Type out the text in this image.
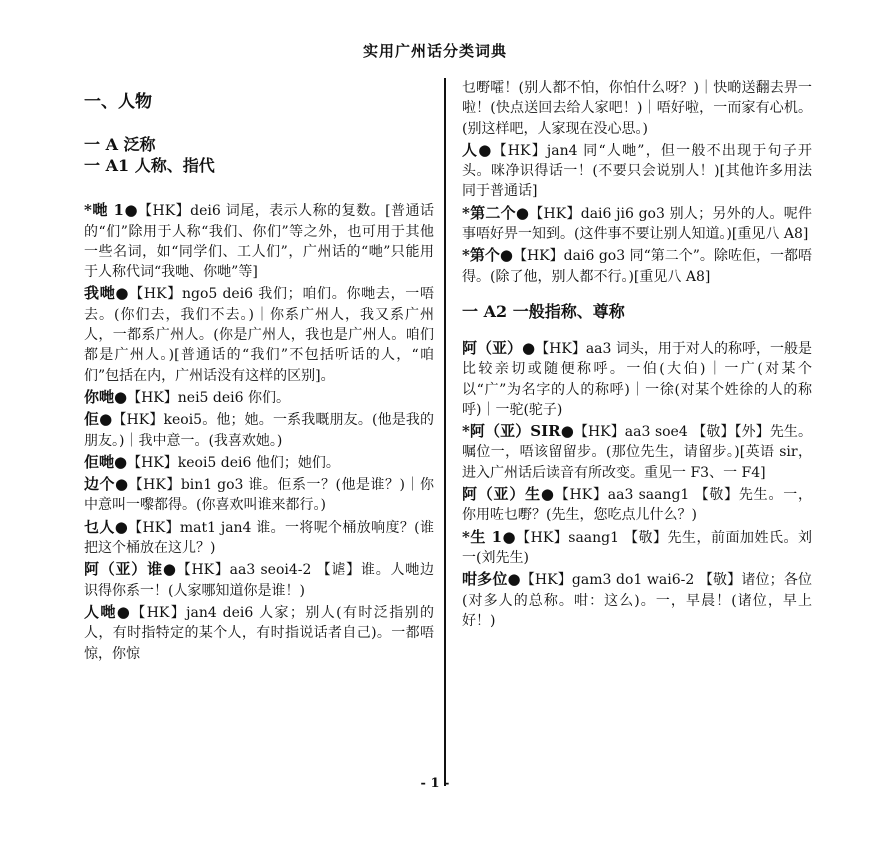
实用广州话分类词典
一、人物
一 A 泛称
一 A1 人称、指代

*哋 1●【HK】dei6 词尾，表示人称的复数。[普通话的“们”除用于人称“我们、你们”等之外，也可用于其他一些名词，如“同学们、工人们”，广州话的“哋”只能用于人称代词“我哋、你哋”等]

我哋●【HK】ngo5 dei6 我们；咱们。你哋去，一唔去。(你们去，我们不去。)｜你系广州人，我又系广州人，一都系广州人。(你是广州人，我也是广州人。咱们都是广州人。)[普通话的“我们”不包括听话的人，“咱们”包括在内，广州话没有这样的区别]。

你哋●【HK】nei5 dei6 你们。

佢●【HK】keoi5。他；她。一系我嘅朋友。(他是我的朋友。)｜我中意一。(我喜欢她。)

佢哋●【HK】keoi5 dei6 他们；她们。

边个●【HK】bin1 go3 谁。佢系一？(他是谁？)｜你中意叫一嚟都得。(你喜欢叫谁来都行。)

乜人●【HK】mat1 jan4 谁。一将呢个桶放响度？(谁把这个桶放在这儿？)

阿（亚）谁●【HK】aa3 seoi4-2 【谑】谁。人哋边识得你系一！(人家哪知道你是谁！)

人哋●【HK】jan4 dei6 人家；别人(有时泛指别的人，有时指特定的某个人，有时指说话者自己)。一都唔惊，你惊

乜嘢嚯！(别人都不怕，你怕什么呀？)｜快啲送翻去畀一啦！(快点送回去给人家吧！)｜唔好啦，一而家有心机。(别这样吧，人家现在没心思。)

人●【HK】jan4 同“人哋”，但一般不出现于句子开头。咪净识得话一！(不要只会说别人！)[其他许多用法同于普通话]

*第二个●【HK】dai6 ji6 go3 别人；另外的人。呢件事唔好畀一知到。(这件事不要让别人知道。)[重见八 A8]

*第个●【HK】dai6 go3 同“第二个”。除咗佢，一都唔得。(除了他，别人都不行。)[重见八 A8]

一 A2 一般指称、尊称

阿（亚）●【HK】aa3 词头，用于对人的称呼，一般是比较亲切或随便称呼。一伯(大伯)｜一广(对某个以“广”为名字的人的称呼)｜一徐(对某个姓徐的人的称呼)｜一驼(驼子)

*阿（亚）SIR●【HK】aa3 soe4 【敬】【外】先生。嘱位一，唔该留留步。(那位先生，请留步。)[英语 sir，进入广州话后读音有所改变。重见一 F3、一 F4]

阿（亚）生●【HK】aa3 saang1 【敬】先生。一，你用咗乜嘢？(先生，您吃点儿什么？)

*生 1●【HK】saang1 【敬】先生，前面加姓氏。刘一(刘先生)

咁多位●【HK】gam3 do1 wai6-2 【敬】诸位；各位(对多人的总称。咁：这么)。一，早晨！(诸位，早上好！)

- 1 -
